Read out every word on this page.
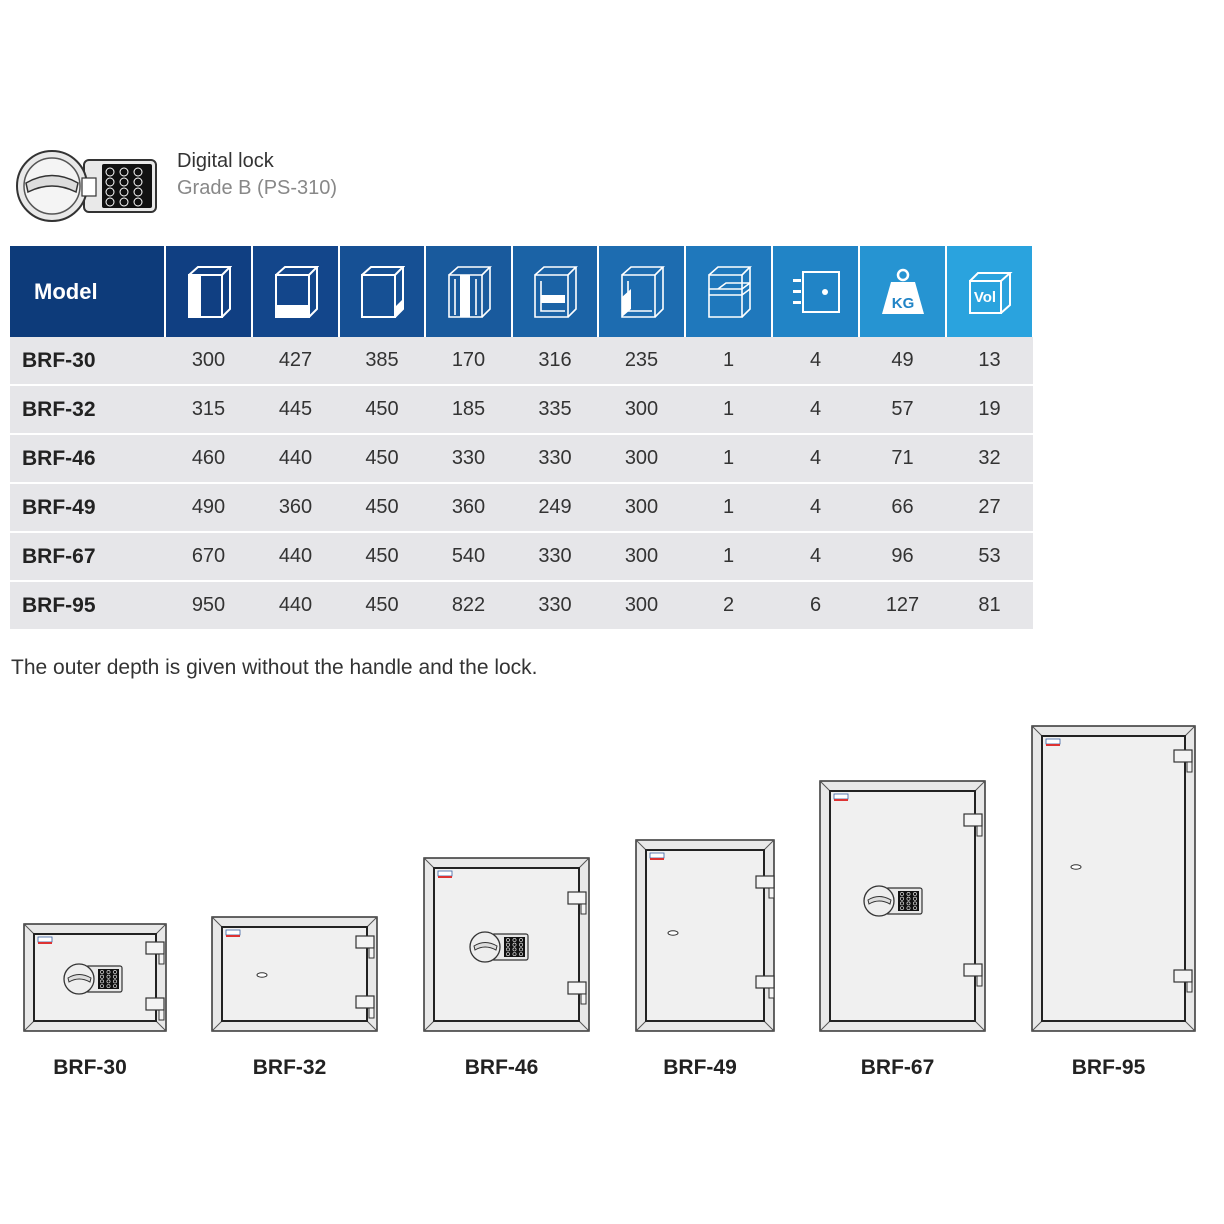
Digital lock
Grade B (PS-310)
Model									KG	Vol

BRF-30	300	427	385	170	316	235	1	4	49	13
BRF-32	315	445	450	185	335	300	1	4	57	19
BRF-46	460	440	450	330	330	300	1	4	71	32
BRF-49	490	360	450	360	249	300	1	4	66	27
BRF-67	670	440	450	540	330	300	1	4	96	53
BRF-95	950	440	450	822	330	300	2	6	127	81
The outer depth is given without the handle and the lock.
BRF-30	BRF-32	BRF-46	BRF-49	BRF-67	BRF-95
